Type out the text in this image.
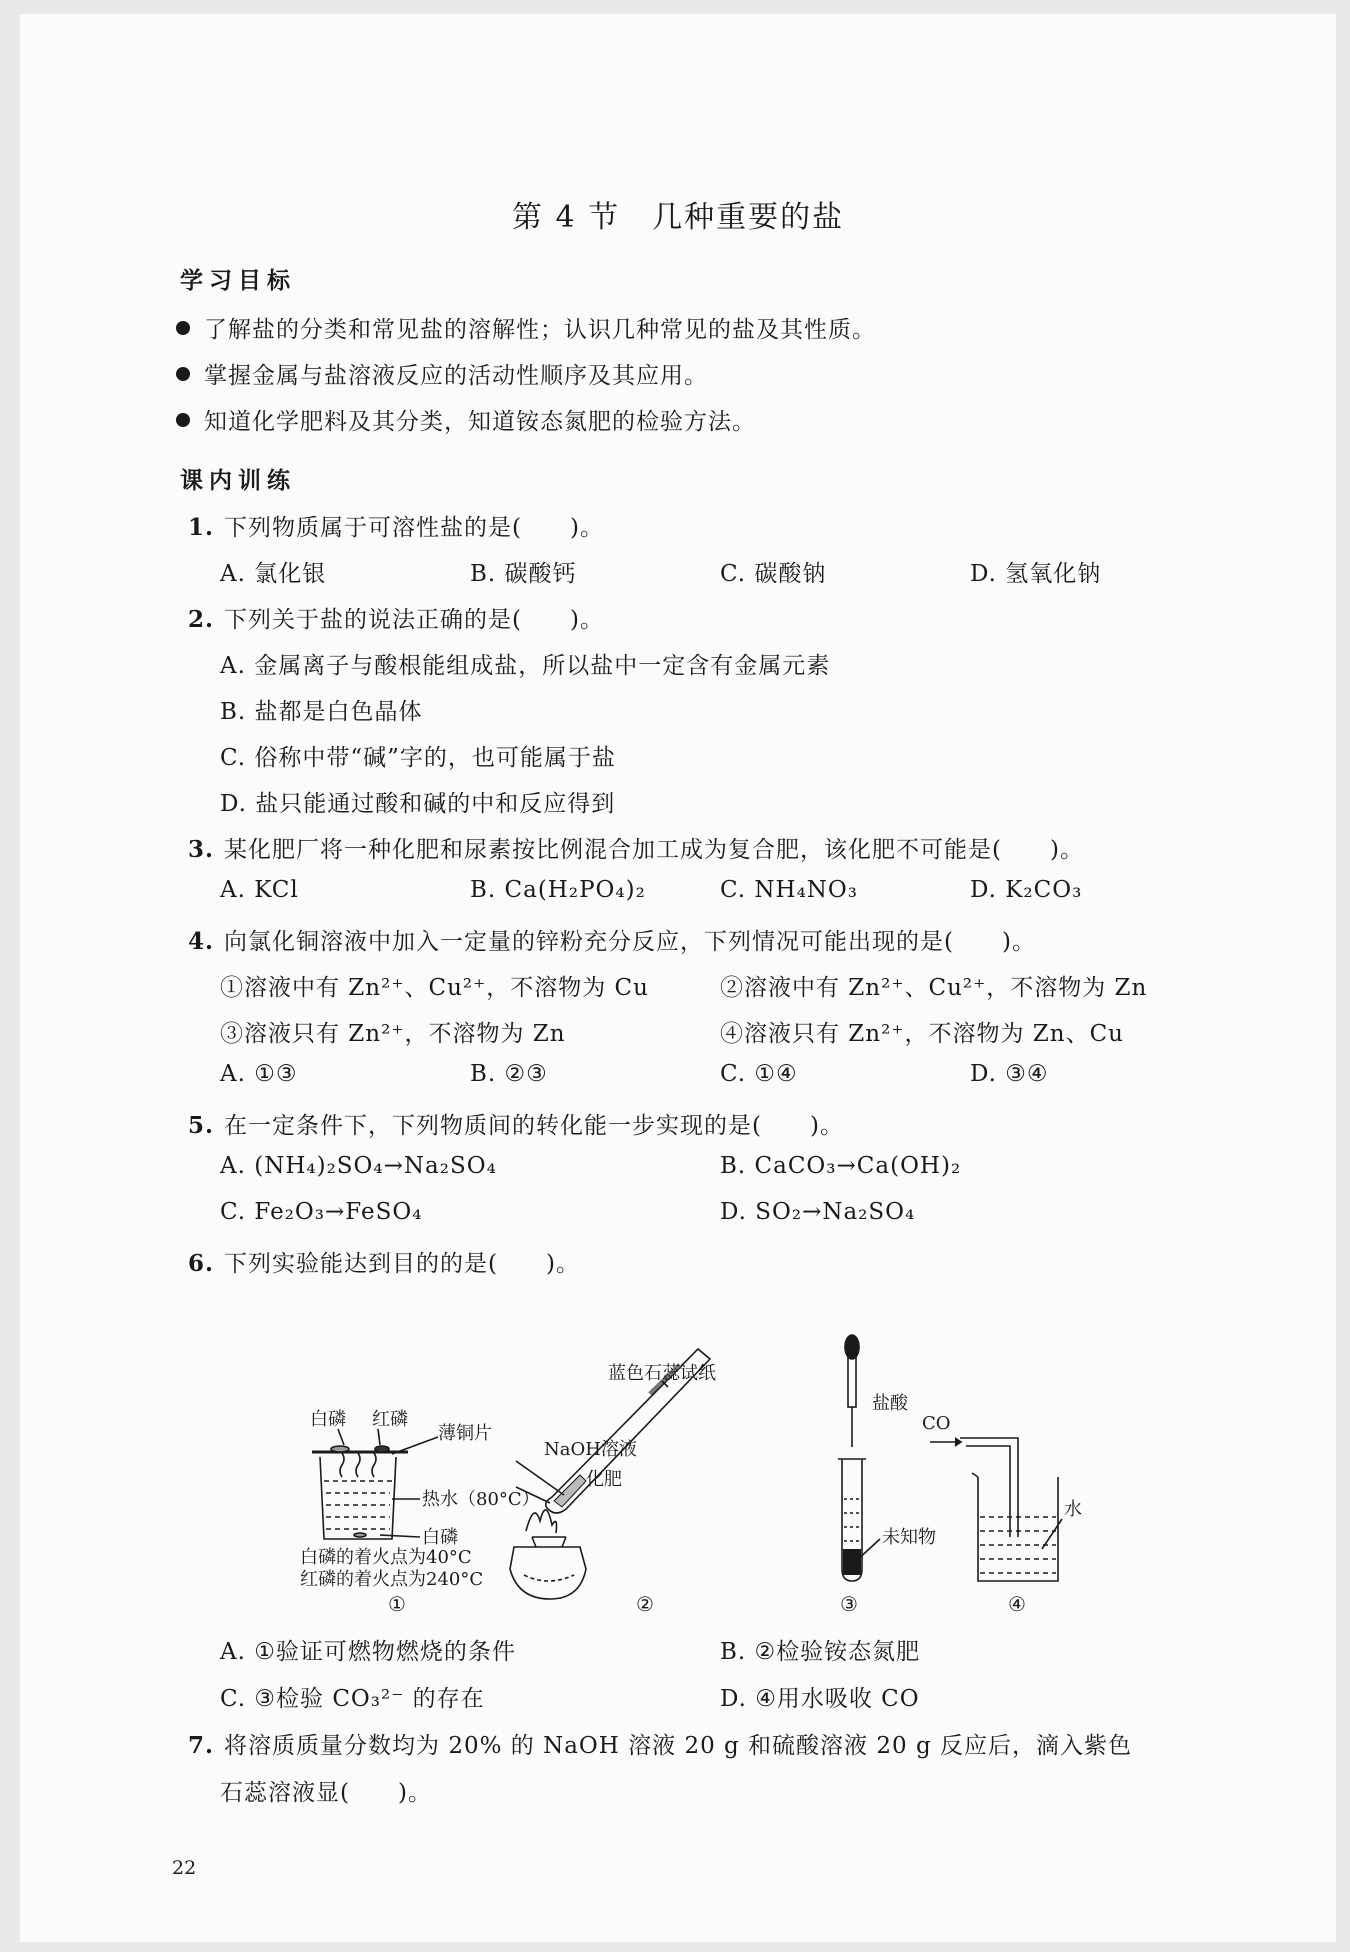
第 4 节　几种重要的盐
学习目标
了解盐的分类和常见盐的溶解性；认识几种常见的盐及其性质。
掌握金属与盐溶液反应的活动性顺序及其应用。
知道化学肥料及其分类，知道铵态氮肥的检验方法。
课内训练
1. 下列物质属于可溶性盐的是(　　)。
A. 氯化银	B. 碳酸钙	C. 碳酸钠	D. 氢氧化钠
2. 下列关于盐的说法正确的是(　　)。
A. 金属离子与酸根能组成盐，所以盐中一定含有金属元素
B. 盐都是白色晶体
C. 俗称中带“碱”字的，也可能属于盐
D. 盐只能通过酸和碱的中和反应得到
3. 某化肥厂将一种化肥和尿素按比例混合加工成为复合肥，该化肥不可能是(　　)。
A. KCl	B. Ca(H₂PO₄)₂	C. NH₄NO₃	D. K₂CO₃
4. 向氯化铜溶液中加入一定量的锌粉充分反应，下列情况可能出现的是(　　)。
①溶液中有 Zn²⁺、Cu²⁺，不溶物为 Cu	②溶液中有 Zn²⁺、Cu²⁺，不溶物为 Zn
③溶液只有 Zn²⁺，不溶物为 Zn	④溶液只有 Zn²⁺，不溶物为 Zn、Cu
A. ①③	B. ②③	C. ①④	D. ③④
5. 在一定条件下，下列物质间的转化能一步实现的是(　　)。
A. (NH₄)₂SO₄→Na₂SO₄	B. CaCO₃→Ca(OH)₂
C. Fe₂O₃→FeSO₄	D. SO₂→Na₂SO₄
6. 下列实验能达到目的的是(　　)。
白磷 红磷
薄铜片
热水（80°C）
白磷
白磷的着火点为40°C
红磷的着火点为240°C
①
蓝色石蕊试纸
NaOH溶液
化肥
②
盐酸
未知物
③
CO
水
④
A. ①验证可燃物燃烧的条件	B. ②检验铵态氮肥
C. ③检验 CO₃²⁻ 的存在	D. ④用水吸收 CO
7. 将溶质质量分数均为 20% 的 NaOH 溶液 20 g 和硫酸溶液 20 g 反应后，滴入紫色
石蕊溶液显(　　)。
22
